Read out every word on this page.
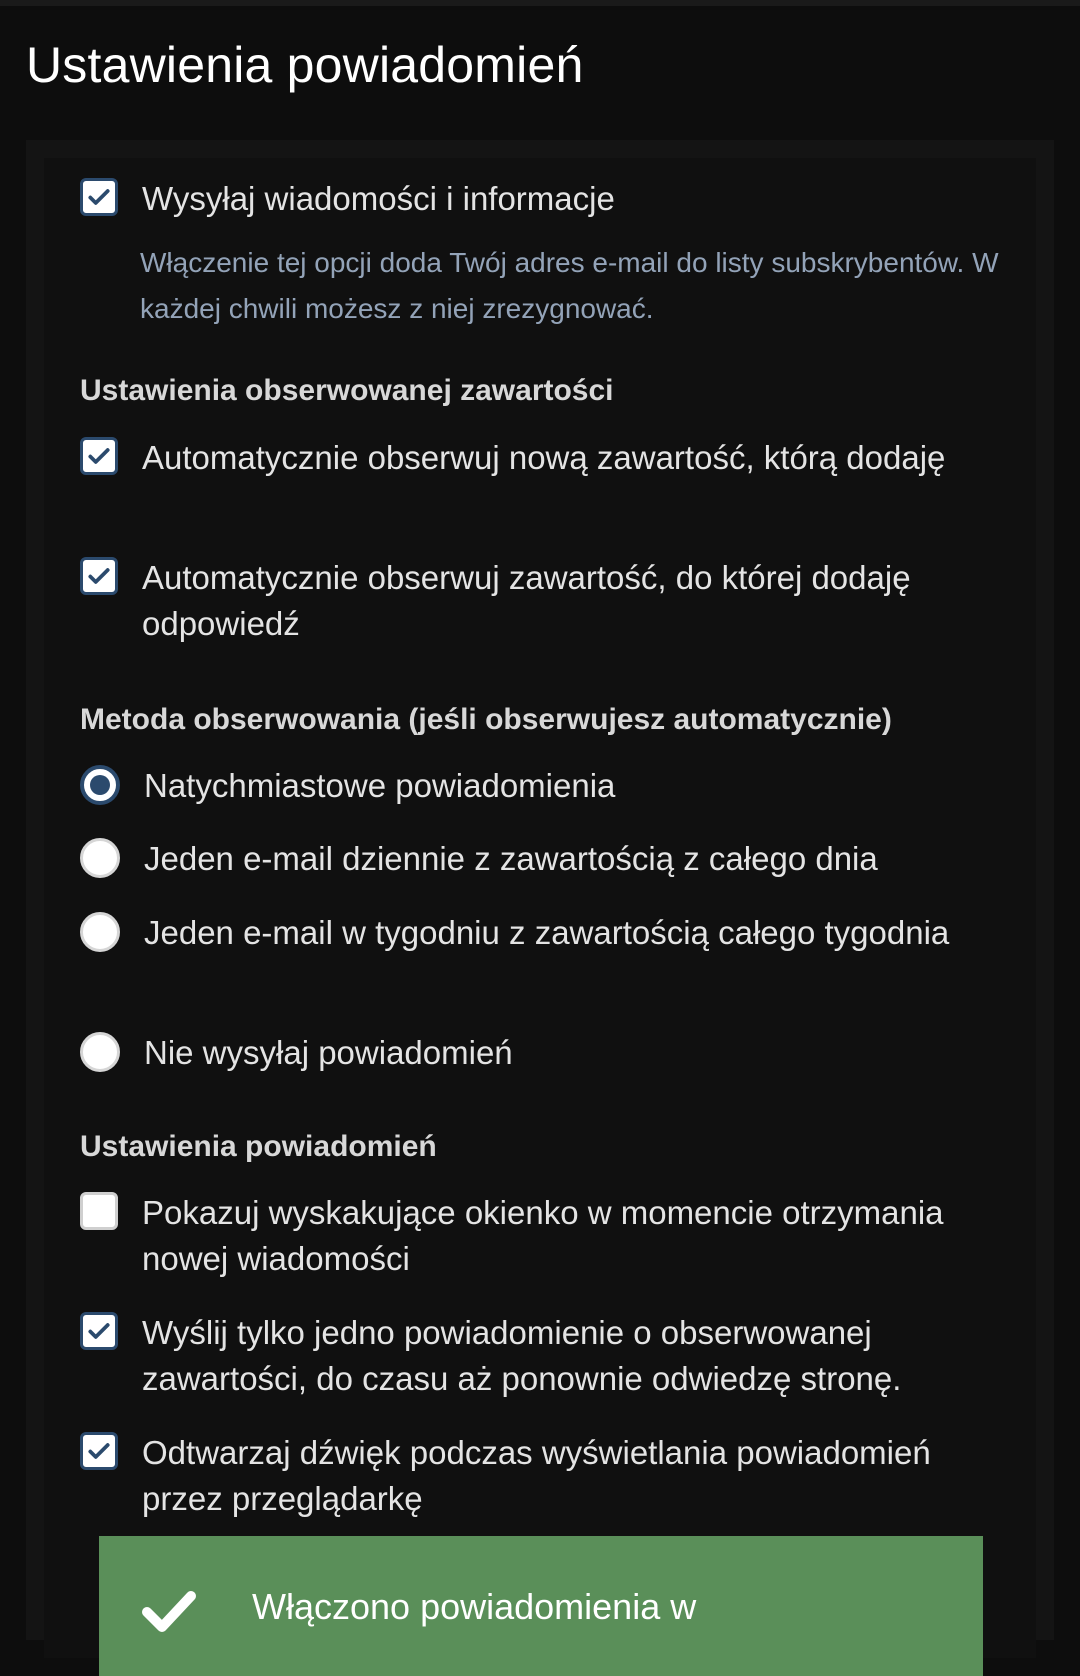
Ustawienia powiadomień
Wysyłaj wiadomości i informacje
Włączenie tej opcji doda Twój adres e-mail do listy subskrybentów. W każdej chwili możesz z niej zrezygnować.
Ustawienia obserwowanej zawartości
Automatycznie obserwuj nową zawartość, którą dodaję
Automatycznie obserwuj zawartość, do której dodaję odpowiedź
Metoda obserwowania (jeśli obserwujesz automatycznie)
Natychmiastowe powiadomienia
Jeden e-mail dziennie z zawartością z całego dnia
Jeden e-mail w tygodniu z zawartością całego tygodnia
Nie wysyłaj powiadomień
Ustawienia powiadomień
Pokazuj wyskakujące okienko w momencie otrzymania nowej wiadomości
Wyślij tylko jedno powiadomienie o obserwowanej zawartości, do czasu aż ponownie odwiedzę stronę.
Odtwarzaj dźwięk podczas wyświetlania powiadomień przez przeglądarkę
Włączono powiadomienia w
